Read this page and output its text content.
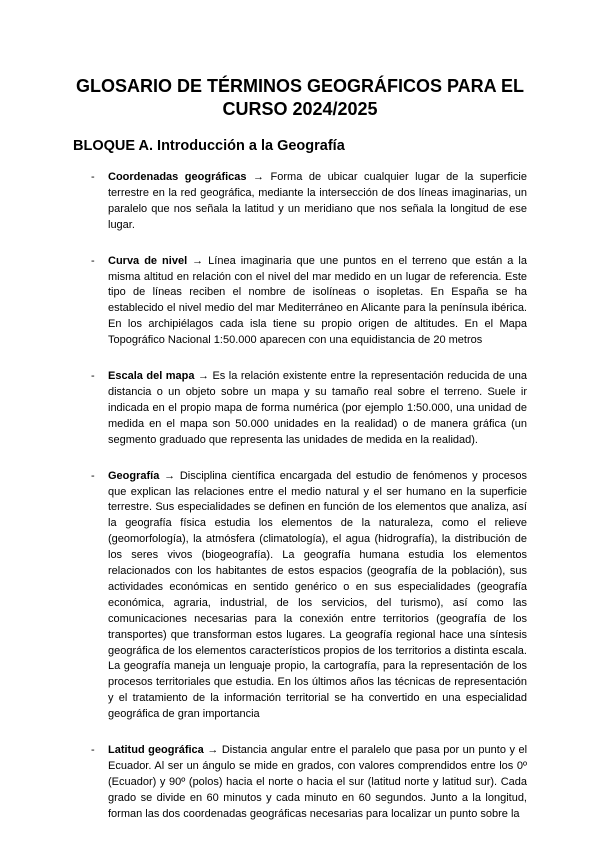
GLOSARIO DE TÉRMINOS GEOGRÁFICOS PARA EL CURSO 2024/2025
BLOQUE A. Introducción a la Geografía
- Coordenadas geográficas → Forma de ubicar cualquier lugar de la superficie terrestre en la red geográfica, mediante la intersección de dos líneas imaginarias, un paralelo que nos señala la latitud y un meridiano que nos señala la longitud de ese lugar.

- Curva de nivel → Línea imaginaria que une puntos en el terreno que están a la misma altitud en relación con el nivel del mar medido en un lugar de referencia. Este tipo de líneas reciben el nombre de isolíneas o isopletas. En España se ha establecido el nivel medio del mar Mediterráneo en Alicante para la península ibérica. En los archipiélagos cada isla tiene su propio origen de altitudes. En el Mapa Topográfico Nacional 1:50.000 aparecen con una equidistancia de 20 metros

- Escala del mapa → Es la relación existente entre la representación reducida de una distancia o un objeto sobre un mapa y su tamaño real sobre el terreno. Suele ir indicada en el propio mapa de forma numérica (por ejemplo 1:50.000, una unidad de medida en el mapa son 50.000 unidades en la realidad) o de manera gráfica (un segmento graduado que representa las unidades de medida en la realidad).

- Geografía → Disciplina científica encargada del estudio de fenómenos y procesos que explican las relaciones entre el medio natural y el ser humano en la superficie terrestre. Sus especialidades se definen en función de los elementos que analiza, así la geografía física estudia los elementos de la naturaleza, como el relieve (geomorfología), la atmósfera (climatología), el agua (hidrografía), la distribución de los seres vivos (biogeografía). La geografía humana estudia los elementos relacionados con los habitantes de estos espacios (geografía de la población), sus actividades económicas en sentido genérico o en sus especialidades (geografía económica, agraria, industrial, de los servicios, del turismo), así como las comunicaciones necesarias para la conexión entre territorios (geografía de los transportes) que transforman estos lugares. La geografía regional hace una síntesis geográfica de los elementos característicos propios de los territorios a distinta escala. La geografía maneja un lenguaje propio, la cartografía, para la representación de los procesos territoriales que estudia. En los últimos años las técnicas de representación y el tratamiento de la información territorial se ha convertido en una especialidad geográfica de gran importancia

- Latitud geográfica → Distancia angular entre el paralelo que pasa por un punto y el Ecuador. Al ser un ángulo se mide en grados, con valores comprendidos entre los 0º (Ecuador) y 90º (polos) hacia el norte o hacia el sur (latitud norte y latitud sur). Cada grado se divide en 60 minutos y cada minuto en 60 segundos. Junto a la longitud, forman las dos coordenadas geográficas necesarias para localizar un punto sobre la
